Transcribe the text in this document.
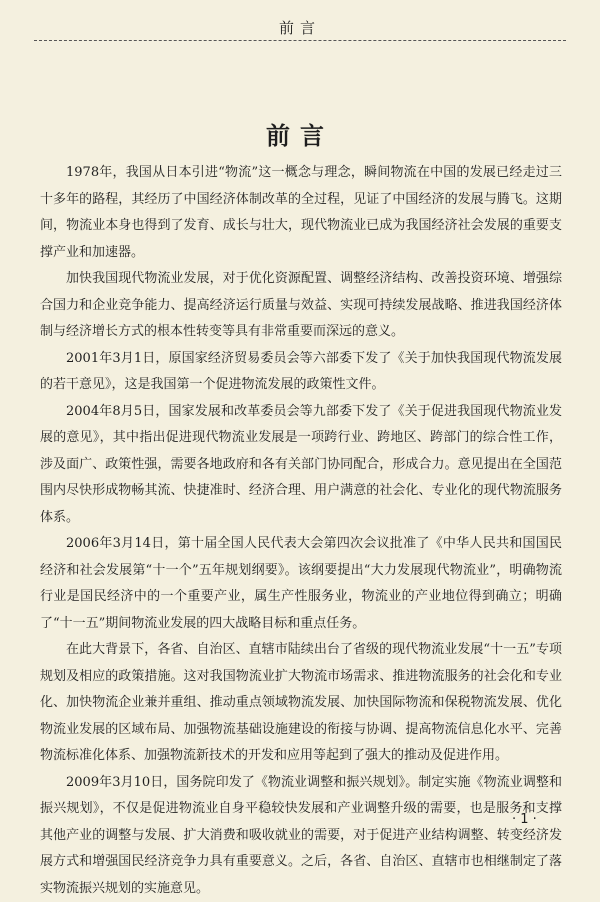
前言
前言

1978年，我国从日本引进“物流”这一概念与理念，瞬间物流在中国的发展已经走过三十多年的路程，其经历了中国经济体制改革的全过程，见证了中国经济的发展与腾飞。这期间，物流业本身也得到了发育、成长与壮大，现代物流业已成为我国经济社会发展的重要支撑产业和加速器。

加快我国现代物流业发展，对于优化资源配置、调整经济结构、改善投资环境、增强综合国力和企业竞争能力、提高经济运行质量与效益、实现可持续发展战略、推进我国经济体制与经济增长方式的根本性转变等具有非常重要而深远的意义。

2001年3月1日，原国家经济贸易委员会等六部委下发了《关于加快我国现代物流发展的若干意见》，这是我国第一个促进物流发展的政策性文件。

2004年8月5日，国家发展和改革委员会等九部委下发了《关于促进我国现代物流业发展的意见》，其中指出促进现代物流业发展是一项跨行业、跨地区、跨部门的综合性工作，涉及面广、政策性强，需要各地政府和各有关部门协同配合，形成合力。意见提出在全国范围内尽快形成物畅其流、快捷准时、经济合理、用户满意的社会化、专业化的现代物流服务体系。

2006年3月14日，第十届全国人民代表大会第四次会议批准了《中华人民共和国国民经济和社会发展第“十一个”五年规划纲要》。该纲要提出“大力发展现代物流业”，明确物流行业是国民经济中的一个重要产业，属生产性服务业，物流业的产业地位得到确立；明确了“十一五”期间物流业发展的四大战略目标和重点任务。

在此大背景下，各省、自治区、直辖市陆续出台了省级的现代物流业发展“十一五”专项规划及相应的政策措施。这对我国物流业扩大物流市场需求、推进物流服务的社会化和专业化、加快物流企业兼并重组、推动重点领域物流发展、加快国际物流和保税物流发展、优化物流业发展的区域布局、加强物流基础设施建设的衔接与协调、提高物流信息化水平、完善物流标准化体系、加强物流新技术的开发和应用等起到了强大的推动及促进作用。

2009年3月10日，国务院印发了《物流业调整和振兴规划》。制定实施《物流业调整和振兴规划》，不仅是促进物流业自身平稳较快发展和产业调整升级的需要，也是服务和支撑其他产业的调整与发展、扩大消费和吸收就业的需要，对于促进产业结构调整、转变经济发展方式和增强国民经济竞争力具有重要意义。之后，各省、自治区、直辖市也相继制定了落实物流振兴规划的实施意见。

· 1 ·
